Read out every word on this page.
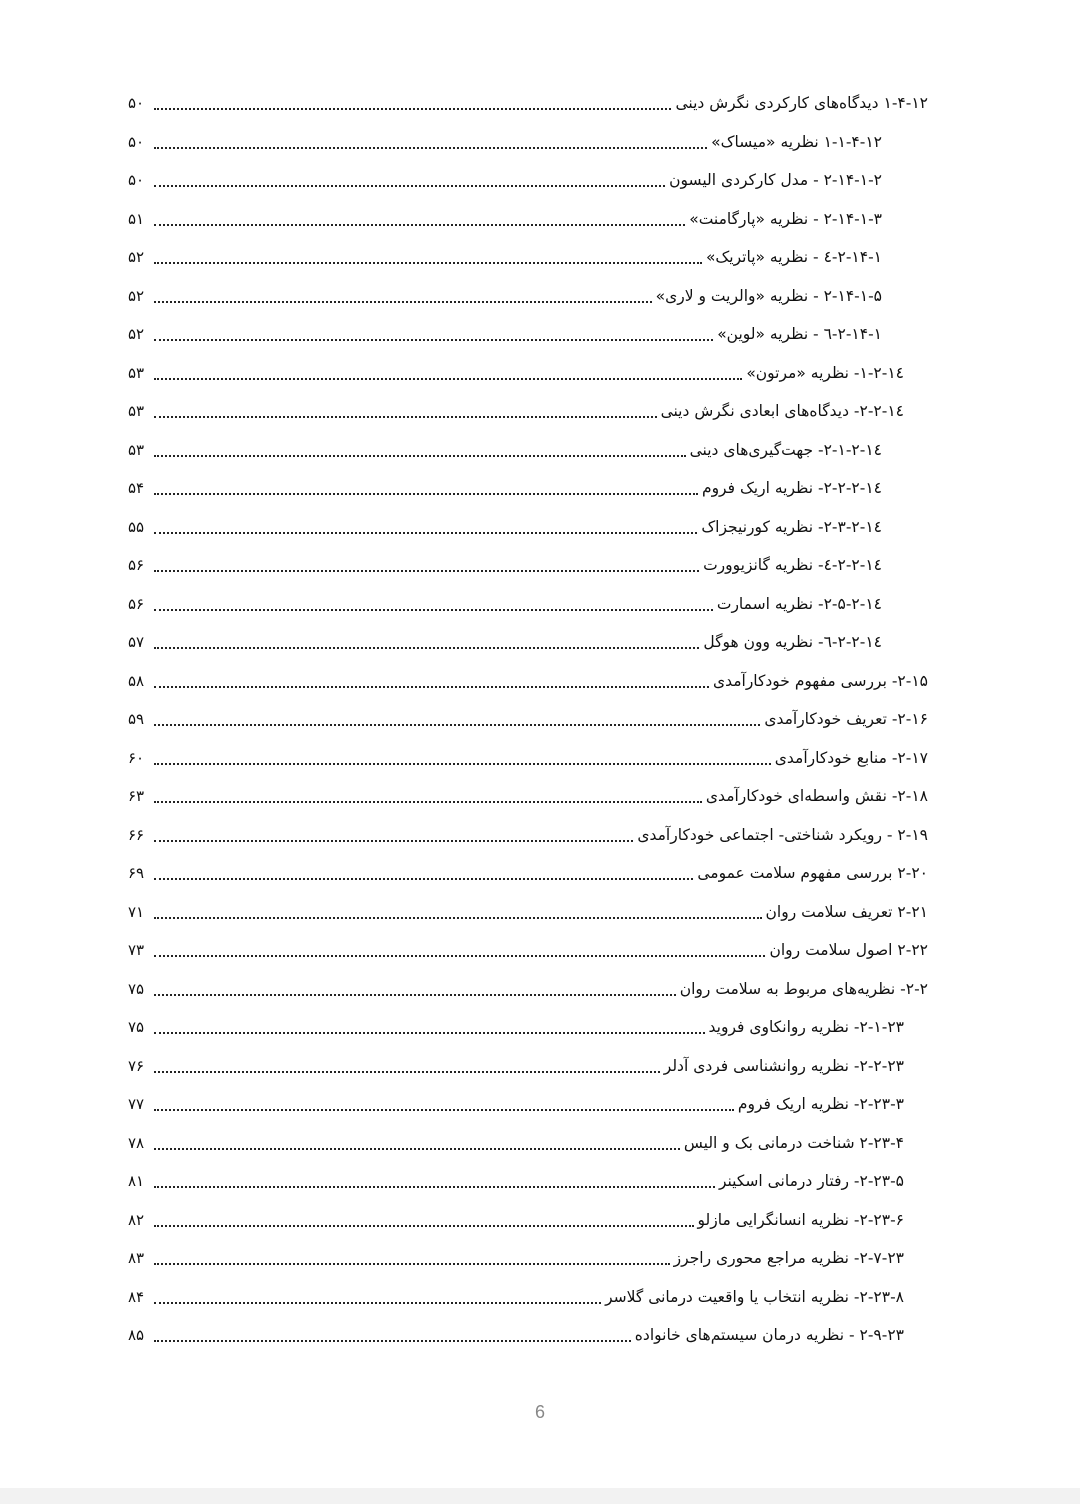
۱-۴-۱۲ دیدگاه‌های کارکردی نگرش دینی
۵۰
۱-۱-۴-۱۲ نظریه «میساک»
۵۰
۲-۱۴-۱-۲ - مدل کارکردی الیسون
۵۰
۲-۱۴-۱-۳ - نظریه «پارگامنت»
۵۱
۲-۱۴-۱-٤ - نظریه «پاتریک»
۵۲
۲-۱۴-۱-۵ - نظریه «والریت و لاری»
۵۲
۲-۱۴-۱-٦ - نظریه «لوین»
۵۲
۲-۱٤-۱- نظریه «مرتون»
۵۳
۲-۱٤-۲- دیدگاه‌های ابعادی نگرش دینی
۵۳
۲-۱٤-۲-۱- جهت‌گیری‌های دینی
۵۳
۲-۱٤-۲-۲- نظریه اریک فروم
۵۴
۲-۱٤-۲-۳- نظریه کورنیجزاک
۵۵
۲-۱٤-۲-٤- نظریه گانزیوورت
۵۶
۲-۱٤-۲-۵- نظریه اسمارت
۵۶
۲-۱٤-۲-٦- نظریه وون هوگل
۵۷
۲-۱۵- بررسی مفهوم خودکارآمدی
۵۸
۲-۱۶- تعریف خودکارآمدی
۵۹
۲-۱۷- منابع خودکارآمدی
۶۰
۲-۱۸- نقش واسطه‌ای خودکارآمدی
۶۳
۲-۱۹ - رویکرد شناختی- اجتماعی خودکارآمدی
۶۶
۲-۲۰ بررسی مفهوم سلامت عمومی
۶۹
۲-۲۱ تعریف سلامت روان
۷۱
۲-۲۲ اصول سلامت روان
۷۳
۲-۲- نظریه‌های مربوط به سلامت روان
۷۵
۲-۱-۲۳- نظریه روانکاوی فروید
۷۵
۲-۲-۲۳- نظریه روانشناسی فردی آدلر
۷۶
۲-۲۳-۳- نظریه اریک فروم
۷۷
۲-۲۳-۴ شناخت درمانی بک و الیس
۷۸
۲-۲۳-۵- رفتار درمانی اسکینر
۸۱
۲-۲۳-۶- نظریه انسانگرایی مازلو
۸۲
۲-۷-۲۳- نظریه مراجع محوری راجرز
۸۳
۲-۲۳-۸- نظریه انتخاب یا واقعیت درمانی گلاسر
۸۴
۲-۹-۲۳ - نظریه درمان سیستم‌های خانواده
۸۵
6
